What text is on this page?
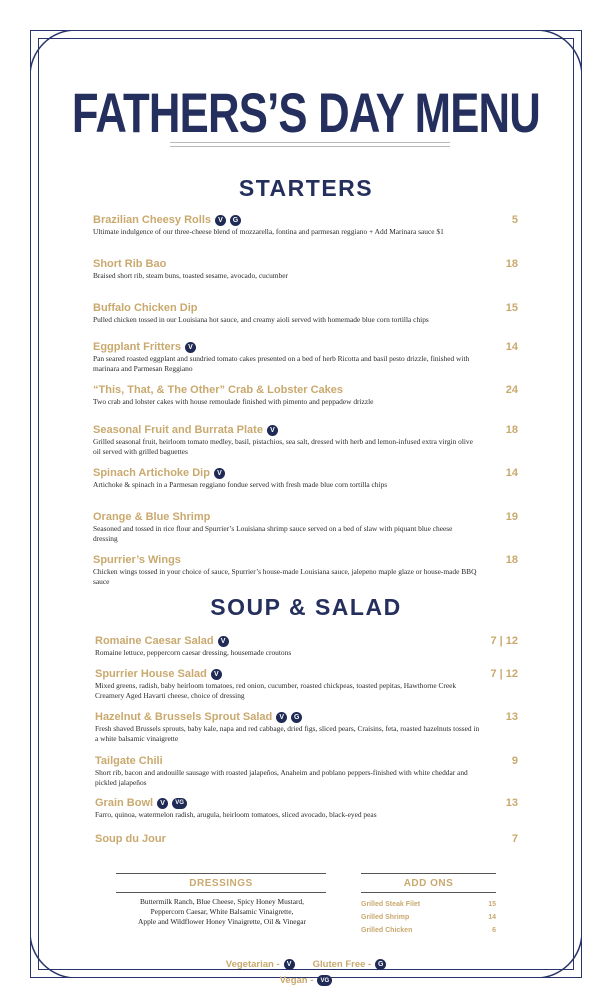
FATHERS’S DAY MENU
STARTERS
Brazilian Cheesy Rolls	V	G	5
Ultimate indulgence of our three-cheese blend of mozzarella, fontina and parmesan reggiano + Add Marinara sauce $1
Short Rib Bao	18
Braised short rib, steam buns, toasted sesame, avocado, cucumber
Buffalo Chicken Dip	15
Pulled chicken tossed in our Louisiana hot sauce, and creamy aioli served with homemade blue corn tortilla chips
Eggplant Fritters	V	14
Pan seared roasted eggplant and sundried tomato cakes presented on a bed of herb Ricotta and basil pesto drizzle, finished with marinara and Parmesan Reggiano
“This, That, & The Other” Crab & Lobster Cakes	24
Two crab and lobster cakes with house remoulade finished with pimento and peppadew drizzle
Seasonal Fruit and Burrata Plate	V	18
Grilled seasonal fruit, heirloom tomato medley, basil, pistachios, sea salt, dressed with herb and lemon-infused extra virgin olive oil served with grilled baguettes
Spinach Artichoke Dip	V	14
Artichoke & spinach in a Parmesan reggiano fondue served with fresh made blue corn tortilla chips
Orange & Blue Shrimp	19
Seasoned and tossed in rice flour and Spurrier’s Louisiana shrimp sauce served on a bed of slaw with piquant blue cheese dressing
Spurrier’s Wings	18
Chicken wings tossed in your choice of sauce, Spurrier’s house-made Louisiana sauce, jalepeno maple glaze or house-made BBQ sauce
SOUP & SALAD
Romaine Caesar Salad	V	7 | 12
Romaine lettuce, peppercorn caesar dressing, housemade croutons
Spurrier House Salad	V	7 | 12
Mixed greens, radish, baby heirloom tomatoes, red onion, cucumber, roasted chickpeas, toasted pepitas, Hawthorne Creek Creamery Aged Havarti cheese, choice of dressing
Hazelnut & Brussels Sprout Salad	V	G	13
Fresh shaved Brussels sprouts, baby kale, napa and red cabbage, dried figs, sliced pears, Craisins, feta, roasted hazelnuts tossed in a white balsamic vinaigrette
Tailgate Chili	9
Short rib, bacon and andouille sausage with roasted jalapeños, Anaheim and poblano peppers-finished with white cheddar and pickled jalapeños
Grain Bowl	V	VG	13
Farro, quinoa, watermelon radish, arugula, heirloom tomatoes, sliced avocado, black-eyed peas
Soup du Jour	7
DRESSINGS
Buttermilk Ranch, Blue Cheese, Spicy Honey Mustard,
Peppercorn Caesar, White Balsamic Vinaigrette,
Apple and Wildflower Honey Vinaigrette, Oil & Vinegar
ADD ONS
Grilled Steak Filet	15
Grilled Shrimp	14
Grilled Chicken	6
Vegetarian -	V	Gluten Free - G
Vegan -	VG
